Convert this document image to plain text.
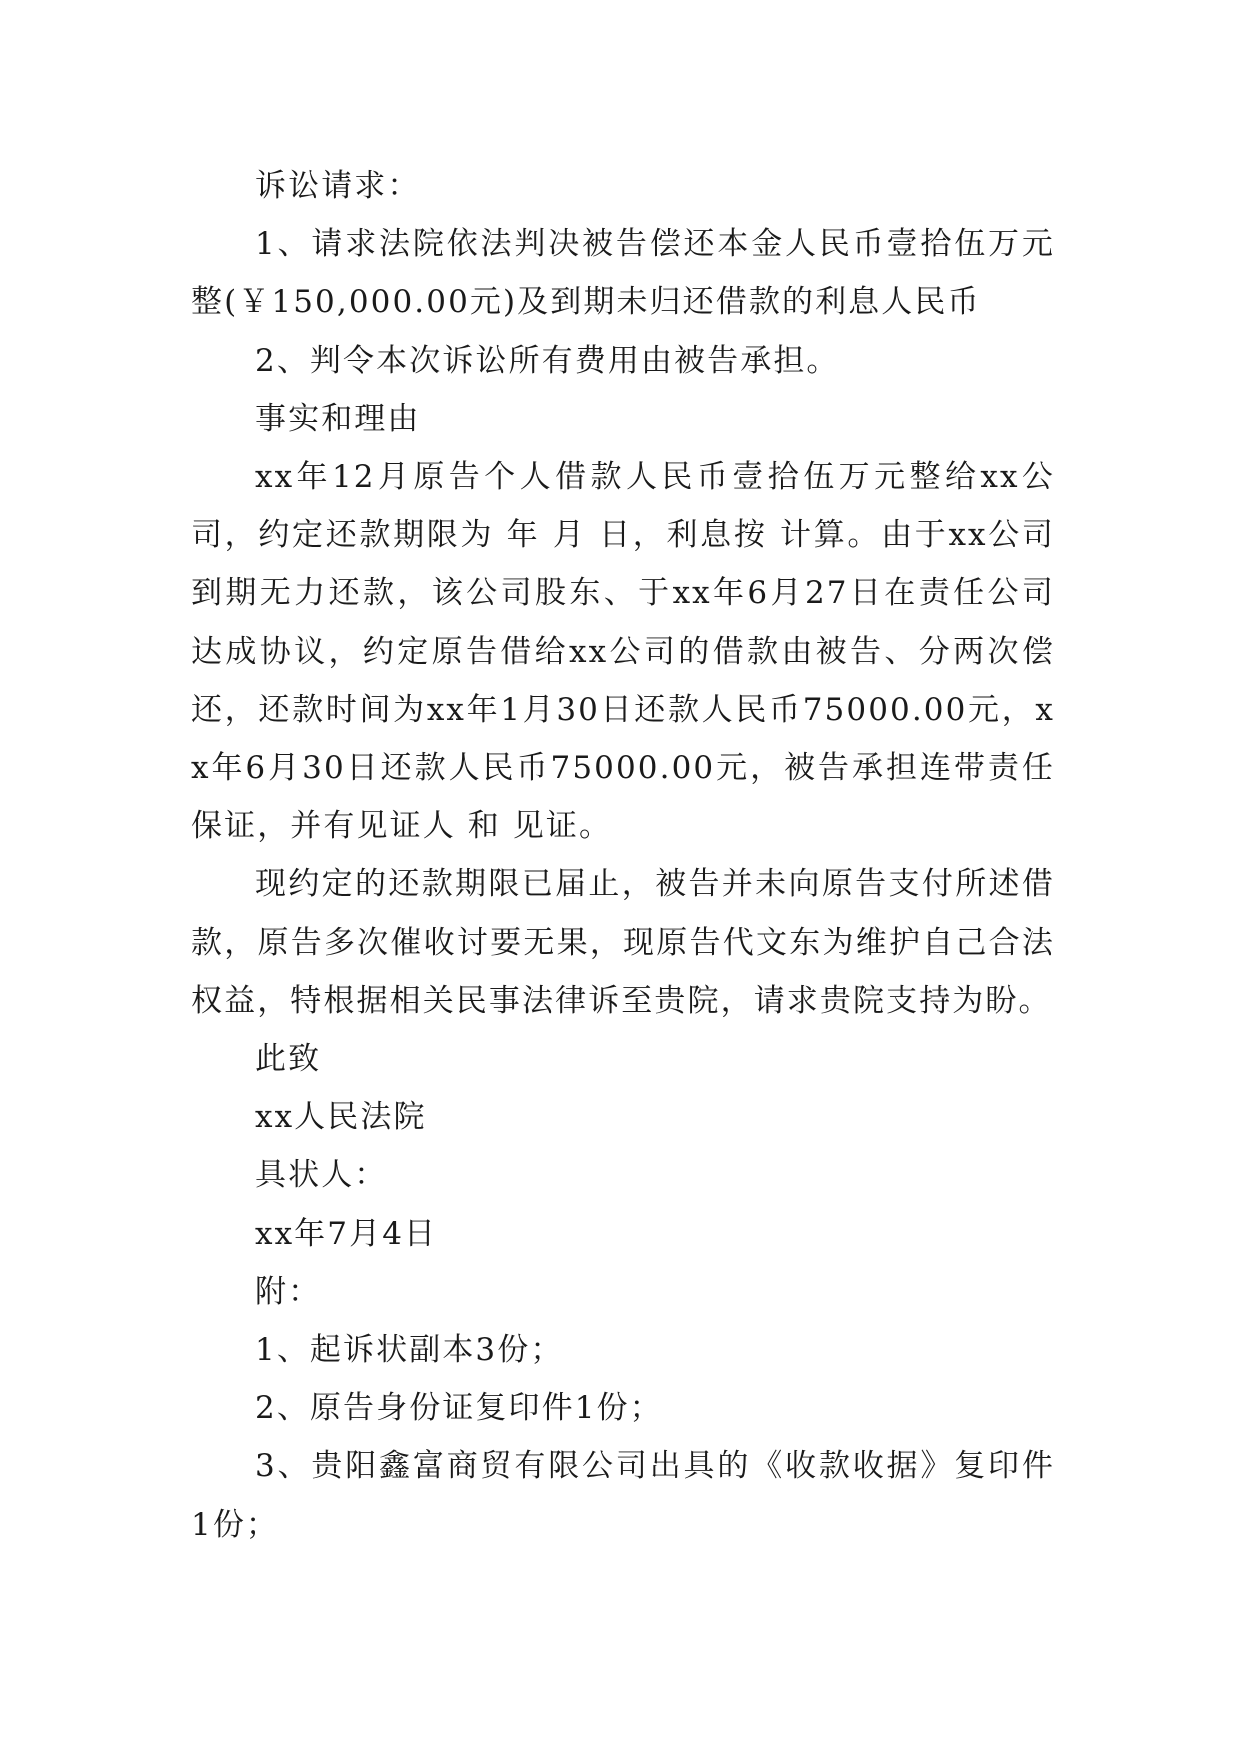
诉讼请求：

1、请求法院依法判决被告偿还本金人民币壹拾伍万元整(￥150,000.00元)及到期未归还借款的利息人民币

2、判令本次诉讼所有费用由被告承担。

事实和理由

xx年12月原告个人借款人民币壹拾伍万元整给xx公司，约定还款期限为 年 月 日，利息按 计算。由于xx公司到期无力还款，该公司股东、于xx年6月27日在责任公司达成协议，约定原告借给xx公司的借款由被告、分两次偿还，还款时间为xx年1月30日还款人民币75000.00元，xx年6月30日还款人民币75000.00元，被告承担连带责任保证，并有见证人 和 见证。

现约定的还款期限已届止，被告并未向原告支付所述借款，原告多次催收讨要无果，现原告代文东为维护自己合法权益，特根据相关民事法律诉至贵院，请求贵院支持为盼。

此致

xx人民法院

具状人：

xx年7月4日

附：

1、起诉状副本3份；

2、原告身份证复印件1份；

3、贵阳鑫富商贸有限公司出具的《收款收据》复印件1份；
